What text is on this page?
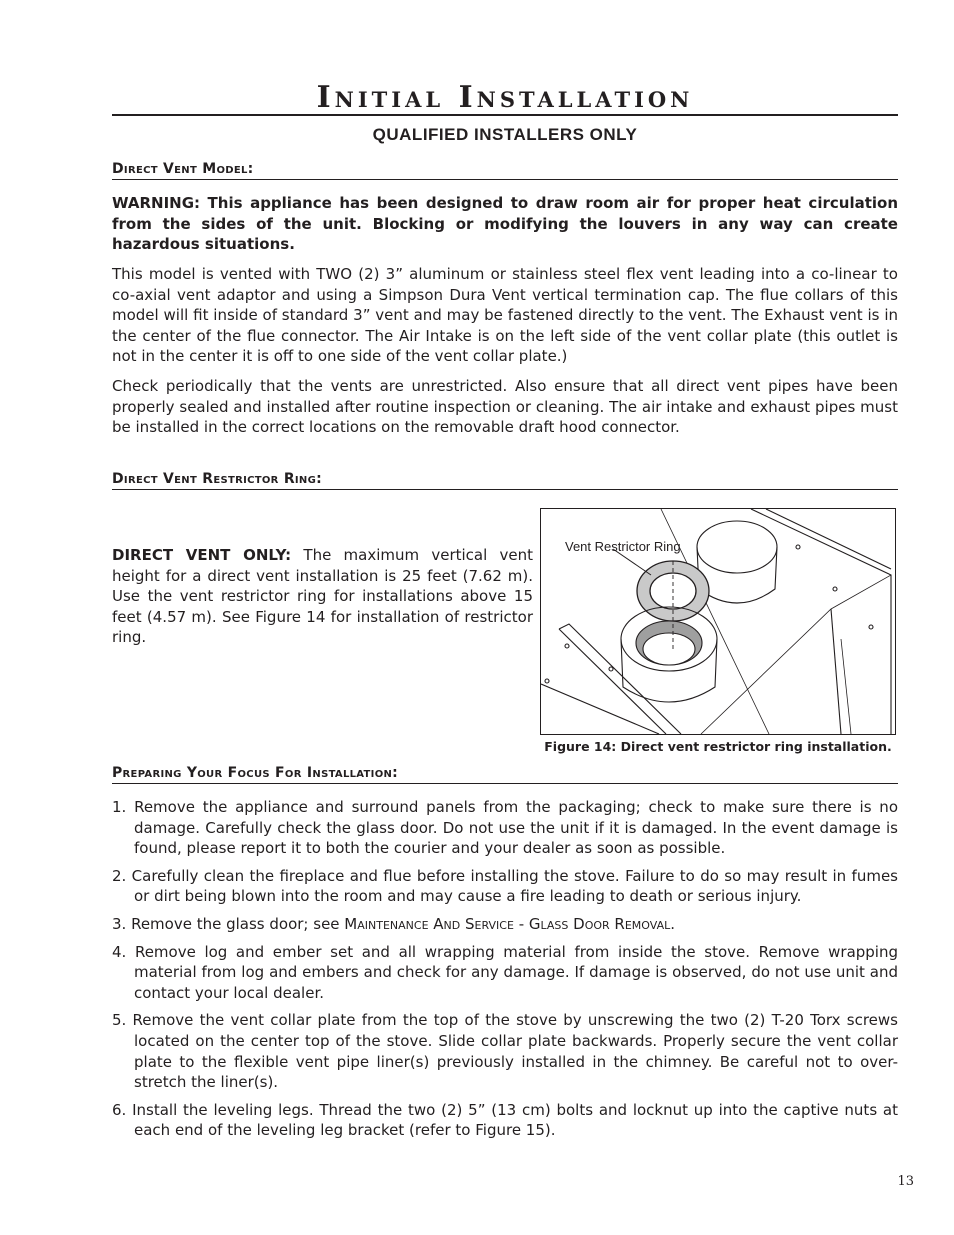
Initial Installation
QUALIFIED INSTALLERS ONLY
Direct Vent Model:

WARNING: This appliance has been designed to draw room air for proper heat circulation from the sides of the unit. Blocking or modifying the louvers in any way can create hazardous situations.

This model is vented with TWO (2) 3” aluminum or stainless steel flex vent leading into a co-linear to co-axial vent adaptor and using a Simpson Dura Vent vertical termination cap. The flue collars of this model will fit inside of standard 3” vent and may be fastened directly to the vent. The Exhaust vent is in the center of the flue connector. The Air Intake is on the left side of the vent collar plate (this outlet is not in the center it is off to one side of the vent collar plate.)

Check periodically that the vents are unrestricted. Also ensure that all direct vent pipes have been properly sealed and installed after routine inspection or cleaning. The air intake and exhaust pipes must be installed in the correct locations on the removable draft hood connector.

Direct Vent Restrictor Ring:

DIRECT VENT ONLY: The maximum vertical vent height for a direct vent installation is 25 feet (7.62 m). Use the vent restrictor ring for installations above 15 feet (4.57 m). See Figure 14 for installation of restrictor ring.

Vent Restrictor Ring
Figure 14: Direct vent restrictor ring installation.
Preparing Your Focus For Installation:
1. Remove the appliance and surround panels from the packaging; check to make sure there is no damage. Carefully check the glass door. Do not use the unit if it is damaged. In the event damage is found, please report it to both the courier and your dealer as soon as possible.
2. Carefully clean the fireplace and flue before installing the stove. Failure to do so may result in fumes or dirt being blown into the room and may cause a fire leading to death or serious injury.
3. Remove the glass door; see Maintenance And Service - Glass Door Removal.
4. Remove log and ember set and all wrapping material from inside the stove. Remove wrapping material from log and embers and check for any damage. If damage is observed, do not use unit and contact your local dealer.
5. Remove the vent collar plate from the top of the stove by unscrewing the two (2) T-20 Torx screws located on the center top of the stove. Slide collar plate backwards. Properly secure the vent collar plate to the flexible vent pipe liner(s) previously installed in the chimney. Be careful not to over-stretch the liner(s).
6. Install the leveling legs. Thread the two (2) 5” (13 cm) bolts and locknut up into the captive nuts at each end of the leveling leg bracket (refer to Figure 15).
13
